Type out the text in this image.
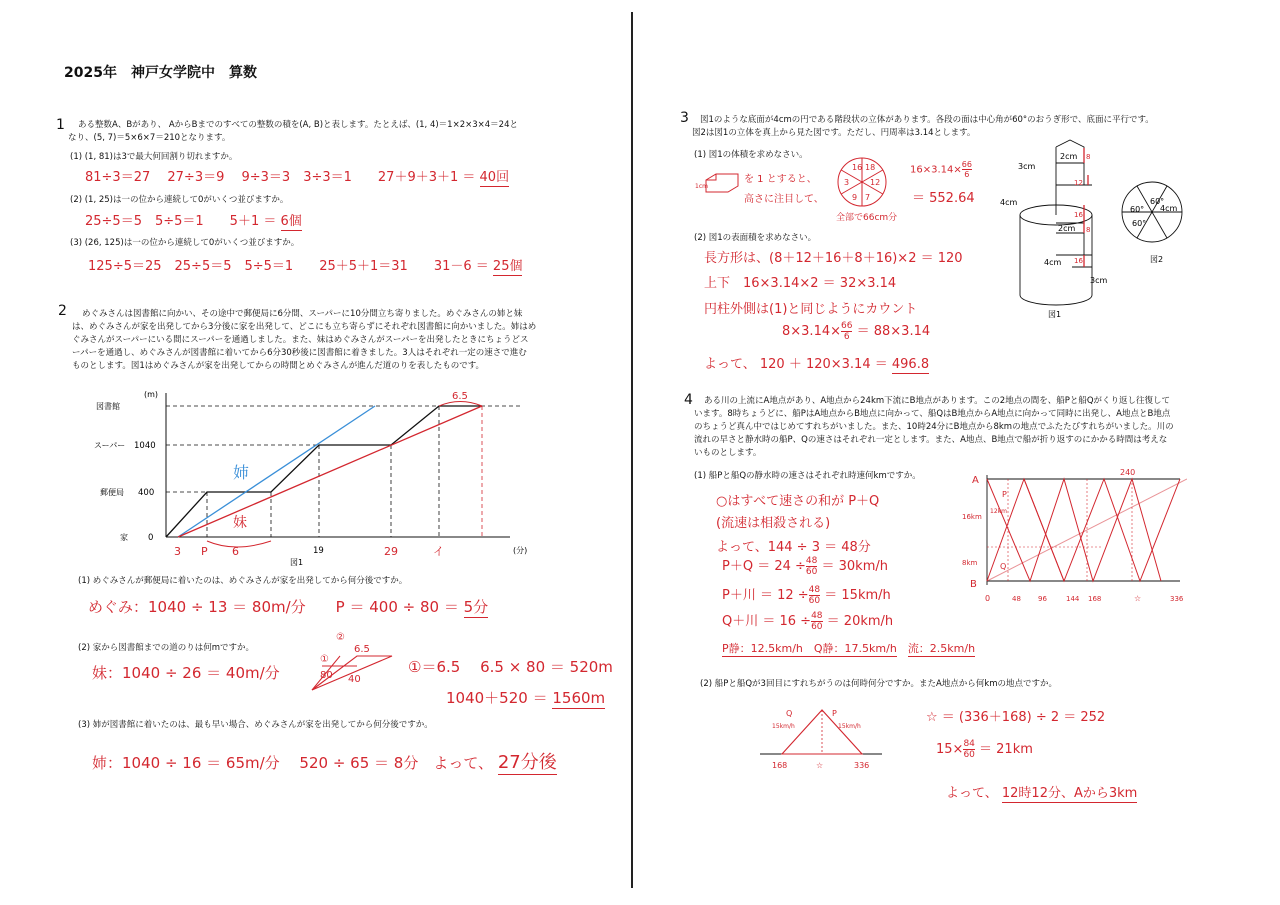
2025年　神戸女学院中　算数
1 ある整数A、Bがあり、 AからBまでのすべての整数の積を(A, B)と表します。たとえば、(1, 4)＝1×2×3×4＝24と
なり、(5, 7)＝5×6×7＝210となります。
(1) (1, 81)は3で最大何回割り切れますか。
81÷3＝27　 27÷3＝9　 9÷3＝3　3÷3＝1　　27＋9＋3＋1 ＝ 40回
(2) (1, 25)は一の位から連続して0がいくつ並びますか。
25÷5＝5　5÷5＝1　　5＋1 ＝ 6個
(3) (26, 125)は一の位から連続して0がいくつ並びますか。
125÷5＝25　25÷5＝5　5÷5＝1　　25＋5＋1＝31　　31－6 ＝ 25個
2 めぐみさんは図書館に向かい、その途中で郵便局に6分間、スーパーに10分間立ち寄りました。めぐみさんの姉と妹
は、めぐみさんが家を出発してから3分後に家を出発して、どこにも立ち寄らずにそれぞれ図書館に向かいました。姉はめ
ぐみさんがスーパーにいる間にスーパーを通過しました。また、妹はめぐみさんがスーパーを出発したときにちょうどス
ーパーを通過し、めぐみさんが図書館に着いてから6分30秒後に図書館に着きました。3人はそれぞれ一定の速さで進む
ものとします。図1はめぐみさんが家を出発してからの時間とめぐみさんが進んだ道のりを表したものです。
(m)
図書館
スーパー 1040
郵便局 400
家 0
19	(分)
図1
姉
妹
3 P 6	29	イ
6.5
(1) めぐみさんが郵便局に着いたのは、めぐみさんが家を出発してから何分後ですか。
めぐみ：1040 ÷ 13 ＝ 80m/分　　P ＝ 400 ÷ 80 ＝ 5分
(2) 家から図書館までの道のりは何mですか。
妹：1040 ÷ 26 ＝ 40m/分
①
②
6.5
80 40
①＝6.5　 6.5 × 80 ＝ 520m
1040＋520 ＝ 1560m
(3) 姉が図書館に着いたのは、最も早い場合、めぐみさんが家を出発してから何分後ですか。
姉：1040 ÷ 16 ＝ 65m/分　 520 ÷ 65 ＝ 8分　よって、 27分後
3 図1のような底面が4cmの円である階段状の立体があります。各段の面は中心角が60°のおうぎ形で、底面に平行です。
図2は図1の立体を真上から見た図です。ただし、円周率は3.14とします。
(1) 図1の体積を求めなさい。
1cm
を 1 とすると、
高さに注目して、
16 18
3	12
7
9
全部で66cm分
$16\times 3.14\times \frac{66}{6}$
＝ 552.64
(2) 図1の表面積を求めなさい。
長方形は、(8＋12＋16＋8＋16)×2 ＝ 120
上下　16×3.14×2 ＝ 32×3.14
円柱外側は(1)と同じようにカウント
$8\times 3.14\times \frac{66}{6} = 88\times 3.14$
よって、 120 ＋ 120×3.14 ＝ 496.8
3cm
2cm 8
12
4cm
16
2cm 8
4cm 16
3cm
図1
60°
60°
60°
4cm
図2
4 ある川の上流にA地点があり、A地点から24km下流にB地点があります。この2地点の間を、船Pと船Qがくり返し往復して
います。8時ちょうどに、船PはA地点からB地点に向かって、船QはB地点からA地点に向かって同時に出発し、A地点とB地点
のちょうど真ん中ではじめてすれちがいました。また、10時24分にB地点から8kmの地点でふたたびすれちがいました。川の
流れの早さと静水時の船P、Qの速さはそれぞれ一定とします。また、A地点、B地点で船が折り返すのにかかる時間は考えな
いものとします。
(1) 船Pと船Qの静水時の速さはそれぞれ時速何kmですか。
○はすべて速さの和が P＋Q
(流速は相殺される)
よって、144 ÷ 3 ＝ 48分
$P+Q = 24 \div \frac{48}{60} = 30km/h$
P＋川 ＝ $12 \div \frac{48}{60} = 15km/h$
Q＋川 ＝ $16 \div \frac{48}{60} = 20km/h$
P静：12.5km/h　Q静：17.5km/h　 流：2.5km/h
A
B
P
Q
16km
12km
8km
240
0	48 96	144 168	☆	336
(2) 船Pと船Qが3回目にすれちがうのは何時何分ですか。またA地点から何kmの地点ですか。
Q	P
15km/h	15km/h
168	☆	336
☆ ＝ (336＋168) ÷ 2 ＝ 252
$15\times \frac{84}{60} = 21km$
よって、 12時12分、Aから3km
